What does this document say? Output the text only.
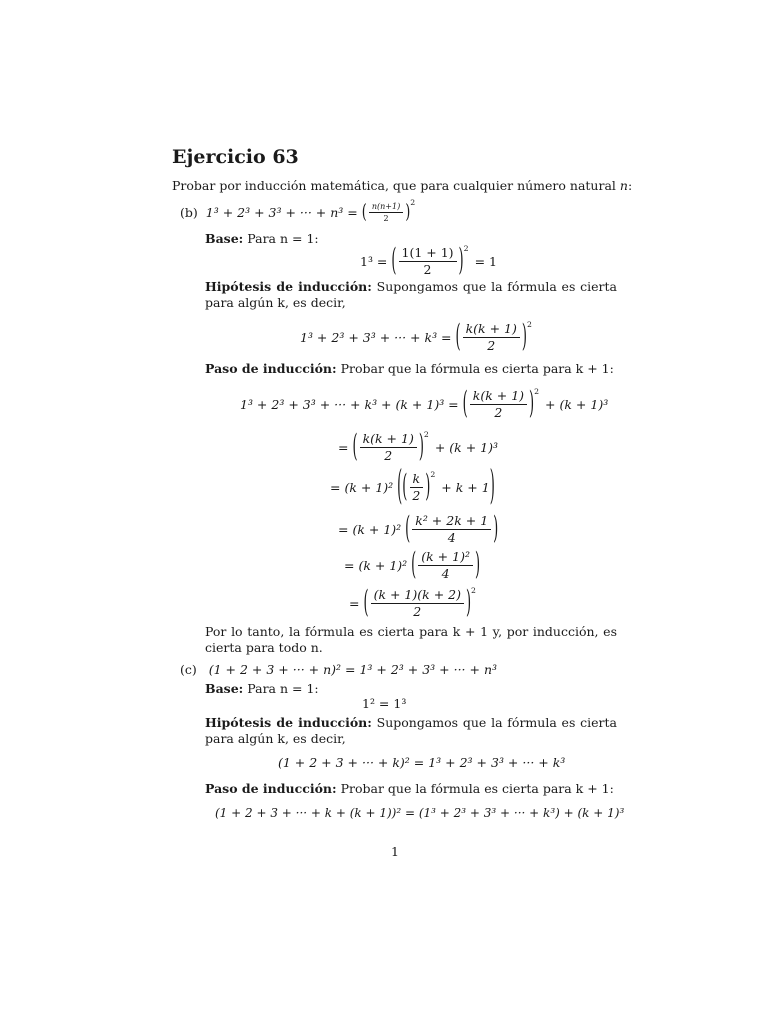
Ejercicio 63
Probar por inducción matemática, que para cualquier número natural n:
(b) 1³ + 2³ + 3³ + ··· + n³ = ( $\frac{n(n+1)}{2} )^2$
Base: Para n = 1:
1³ = ( $\frac{1(1 + 1)}{2} )^2$
= 1
Hipótesis de inducción: Supongamos que la fórmula es cierta para algún k, es decir,
1³ + 2³ + 3³ + ··· + k³ = ( $\frac{k(k + 1)}{2} )^2$
Paso de inducción: Probar que la fórmula es cierta para k + 1:
1³ + 2³ + 3³ + ··· + k³ + (k + 1)³ = ( $\frac{k(k + 1)}{2} )^2$
+ (k + 1)³
= ( $\frac{k(k + 1)}{2} )^2$
+ (k + 1)³
= (k + 1)² ( ( $\frac{k}{2} )^2$
+ k + 1 )
= (k + 1)² ( $\frac{\text{k² + 2k + 1}}{4}$ )
= (k + 1)² ( $\frac{\text{(k + 1)²}}{4}$ )
= ( $\frac{(k + 1)(k + 2)}{2} )^2$
Por lo tanto, la fórmula es cierta para k + 1 y, por inducción, es cierta para todo n.
(c) (1 + 2 + 3 + ··· + n)² = 1³ + 2³ + 3³ + ··· + n³
Base: Para n = 1:
1² = 1³
Hipótesis de inducción: Supongamos que la fórmula es cierta para algún k, es decir,
(1 + 2 + 3 + ··· + k)² = 1³ + 2³ + 3³ + ··· + k³
Paso de inducción: Probar que la fórmula es cierta para k + 1:
(1 + 2 + 3 + ··· + k + (k + 1))² = (1³ + 2³ + 3³ + ··· + k³) + (k + 1)³
1
